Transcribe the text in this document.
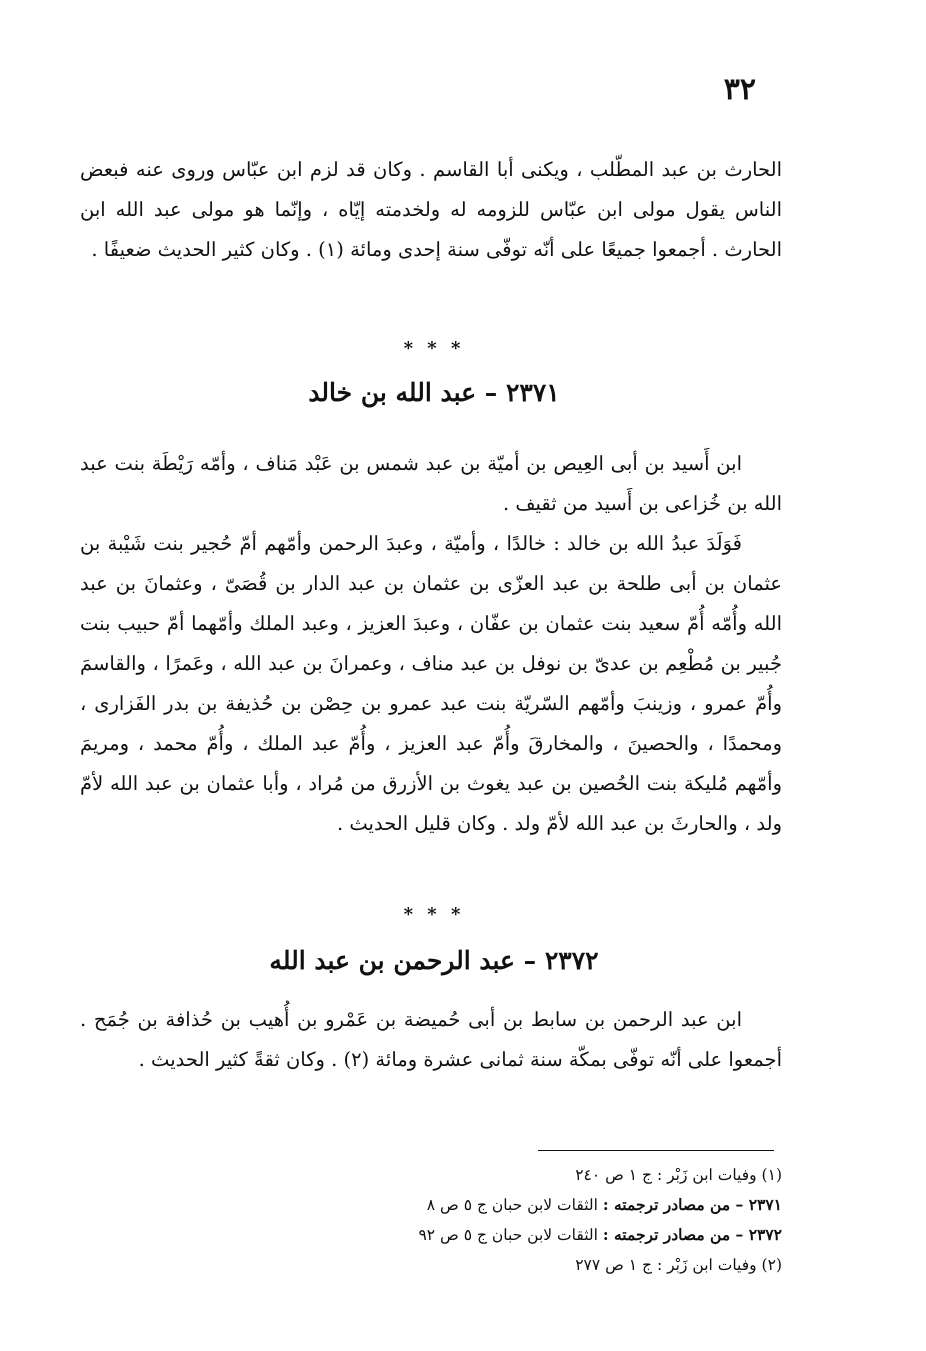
٣٢
الحارث بن عبد المطّلب ، ويكنى أبا القاسم . وكان قد لزم ابن عبّاس وروى عنه فبعض الناس يقول مولى ابن عبّاس للزومه له ولخدمته إيّاه ، وإنّما هو مولى عبد الله ابن الحارث . أجمعوا جميعًا على أنّه توفّى سنة إحدى ومائة (١) . وكان كثير الحديث ضعيفًا .
* * *
٢٣٧١ – عبد الله بن خالد
ابن أَسيد بن أبى العِيص بن أميّة بن عبد شمس بن عَبْد مَناف ، وأمّه رَيْطَة بنت عبد الله بن خُزاعى بن أَسيد من ثقيف .
فَوَلَدَ عبدُ الله بن خالد : خالدًا ، وأميّة ، وعبدَ الرحمن وأمّهم أمّ حُجير بنت شَيْبة بن عثمان بن أبى طلحة بن عبد العزّى بن عثمان بن عبد الدار بن قُصَىّ ، وعثمانَ بن عبد الله وأُمّه أُمّ سعيد بنت عثمان بن عفّان ، وعبدَ العزيز ، وعبد الملك وأمّهما أمّ حبيب بنت جُبير بن مُطْعِم بن عدىّ بن نوفل بن عبد مناف ، وعمرانَ بن عبد الله ، وعَمرًا ، والقاسمَ وأُمّ عمرو ، وزينبَ وأمّهم السّريّة بنت عبد عمرو بن حِصْن بن حُذيفة بن بدر الفَزارى ، ومحمدًا ، والحصينَ ، والمخارقَ وأُمّ عبد العزيز ، وأُمّ عبد الملك ، وأُمّ محمد ، ومريمَ وأمّهم مُليكة بنت الحُصين بن عبد يغوث بن الأزرق من مُراد ، وأبا عثمان بن عبد الله لأمّ ولد ، والحارثَ بن عبد الله لأمّ ولد . وكان قليل الحديث .
* * *
٢٣٧٢ – عبد الرحمن بن عبد الله
ابن عبد الرحمن بن سابط بن أبى حُميضة بن عَمْرو بن أُهيب بن حُذافة بن جُمَح . أجمعوا على أنّه توفّى بمكّة سنة ثمانى عشرة ومائة (٢) . وكان ثقةً كثير الحديث .
(١) وفيات ابن زَبْر : ج ١ ص ٢٤٠
٢٣٧١ – من مصادر ترجمته : الثقات لابن حبان ج ٥ ص ٨
٢٣٧٢ – من مصادر ترجمته : الثقات لابن حبان ج ٥ ص ٩٢
(٢) وفيات ابن زَبْر : ج ١ ص ٢٧٧
